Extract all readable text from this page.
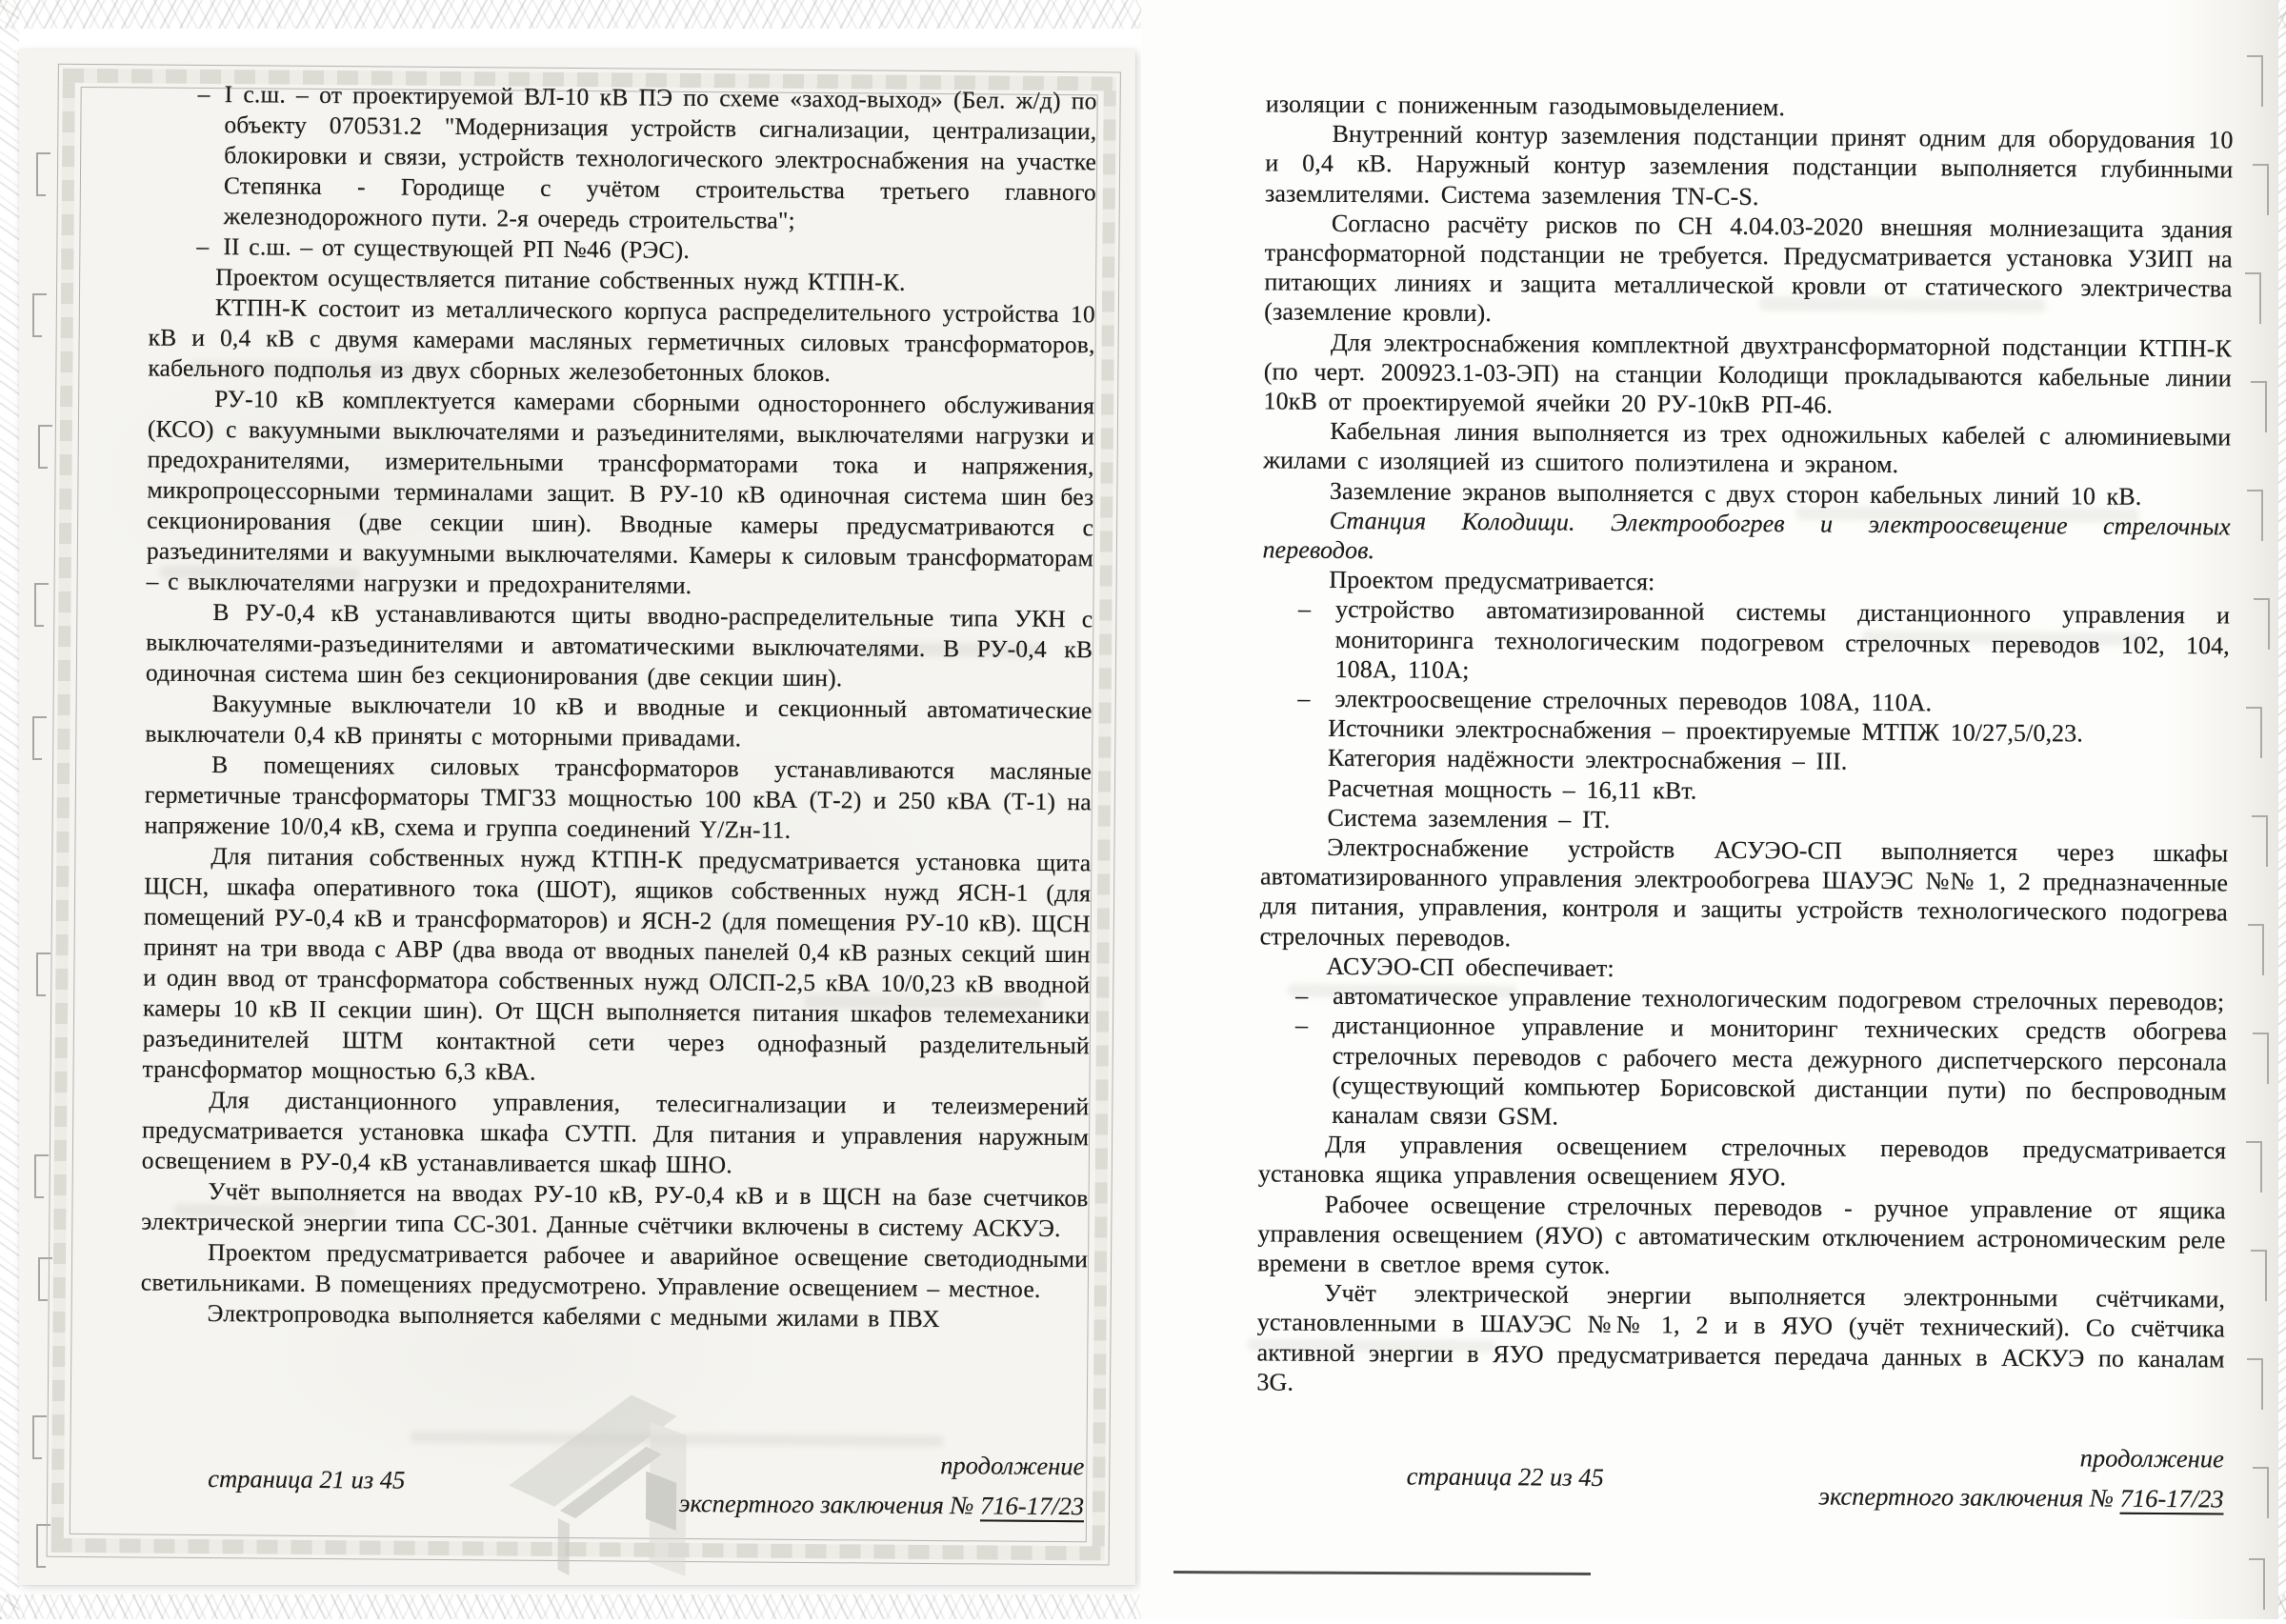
– I с.ш. – от проектируемой ВЛ-10 кВ ПЭ по схеме «заход-выход» (Бел. ж/д) по объекту 070531.2 "Модернизация устройств сигнализации, централизации, блокировки и связи, устройств технологического электроснабжения на участке Степянка - Городище с учётом строительства третьего главного железнодорожного пути. 2-я очередь строительства";
– II с.ш. – от существующей РП №46 (РЭС).

Проектом осуществляется питание собственных нужд КТПН-К.

КТПН-К состоит из металлического корпуса распределительного устройства 10 кВ и 0,4 кВ с двумя камерами масляных герметичных силовых трансформаторов, кабельного подполья из двух сборных железобетонных блоков.

РУ-10 кВ комплектуется камерами сборными одностороннего обслуживания (КСО) с вакуумными выключателями и разъединителями, выключателями нагрузки и предохранителями, измерительными трансформаторами тока и напряжения, микропроцессорными терминалами защит. В РУ-10 кВ одиночная система шин без секционирования (две секции шин). Вводные камеры предусматриваются с разъединителями и вакуумными выключателями. Камеры к силовым трансформаторам – с выключателями нагрузки и предохранителями.

В РУ-0,4 кВ устанавливаются щиты вводно-распределительные типа УКН с выключателями-разъединителями и автоматическими выключателями. В РУ-0,4 кВ одиночная система шин без секционирования (две секции шин).

Вакуумные выключатели 10 кВ и вводные и секционный автоматические выключатели 0,4 кВ приняты с моторными привадами.

В помещениях силовых трансформаторов устанавливаются масляные герметичные трансформаторы ТМГ33 мощностью 100 кВА (Т-2) и 250 кВА (Т-1) на напряжение 10/0,4 кВ, схема и группа соединений Y/Zн-11.

Для питания собственных нужд КТПН-К предусматривается установка щита ЩСН, шкафа оперативного тока (ШОТ), ящиков собственных нужд ЯСН-1 (для помещений РУ-0,4 кВ и трансформаторов) и ЯСН-2 (для помещения РУ-10 кВ). ЩСН принят на три ввода с АВР (два ввода от вводных панелей 0,4 кВ разных секций шин и один ввод от трансформатора собственных нужд ОЛСП-2,5 кВА 10/0,23 кВ вводной камеры 10 кВ II секции шин). От ЩСН выполняется питания шкафов телемеханики разъединителей ШТМ контактной сети через однофазный разделительный трансформатор мощностью 6,3 кВА.

Для дистанционного управления, телесигнализации и телеизмерений предусматривается установка шкафа СУТП. Для питания и управления наружным освещением в РУ-0,4 кВ устанавливается шкаф ШНО.

Учёт выполняется на вводах РУ-10 кВ, РУ-0,4 кВ и в ЩСН на базе счетчиков электрической энергии типа СС-301. Данные счётчики включены в систему АСКУЭ.

Проектом предусматривается рабочее и аварийное освещение светодиодными светильниками. В помещениях предусмотрено. Управление освещением – местное.

Электропроводка выполняется кабелями с медными жилами в ПВХ

страница 21 из 45	продолжение
экспертного заключения № 716-17/23

изоляции с пониженным газодымовыделением.

Внутренний контур заземления подстанции принят одним для оборудования 10 и 0,4 кВ. Наружный контур заземления подстанции выполняется глубинными заземлителями. Система заземления TN-C-S.

Согласно расчёту рисков по СН 4.04.03-2020 внешняя молниезащита здания трансформаторной подстанции не требуется. Предусматривается установка УЗИП на питающих линиях и защита металлической кровли от статического электричества (заземление кровли).

Для электроснабжения комплектной двухтрансформаторной подстанции КТПН-К (по черт. 200923.1-03-ЭП) на станции Колодищи прокладываются кабельные линии 10кВ от проектируемой ячейки 20 РУ-10кВ РП-46.

Кабельная линия выполняется из трех одножильных кабелей с алюминиевыми жилами с изоляцией из сшитого полиэтилена и экраном.

Заземление экранов выполняется с двух сторон кабельных линий 10 кВ.

Станция Колодищи. Электрообогрев и электроосвещение стрелочных переводов.

Проектом предусматривается:

– устройство автоматизированной системы дистанционного управления и мониторинга технологическим подогревом стрелочных переводов 102, 104, 108А, 110А;
– электроосвещение стрелочных переводов 108А, 110А.

Источники электроснабжения – проектируемые МТПЖ 10/27,5/0,23.

Категория надёжности электроснабжения – III.

Расчетная мощность – 16,11 кВт.

Система заземления – IT.

Электроснабжение устройств АСУЭО-СП выполняется через шкафы автоматизированного управления электрообогрева ШАУЭС №№ 1, 2 предназначенные для питания, управления, контроля и защиты устройств технологического подогрева стрелочных переводов.

АСУЭО-СП обеспечивает:

– автоматическое управление технологическим подогревом стрелочных переводов;
– дистанционное управление и мониторинг технических средств обогрева стрелочных переводов с рабочего места дежурного диспетчерского персонала (существующий компьютер Борисовской дистанции пути) по беспроводным каналам связи GSM.

Для управления освещением стрелочных переводов предусматривается установка ящика управления освещением ЯУО.

Рабочее освещение стрелочных переводов - ручное управление от ящика управления освещением (ЯУО) с автоматическим отключением астрономическим реле времени в светлое время суток.

Учёт электрической энергии выполняется электронными счётчиками, установленными в ШАУЭС №№ 1, 2 и в ЯУО (учёт технический). Со счётчика активной энергии в ЯУО предусматривается передача данных в АСКУЭ по каналам 3G.

страница 22 из 45
продолжение
экспертного заключения № 716-17/23
